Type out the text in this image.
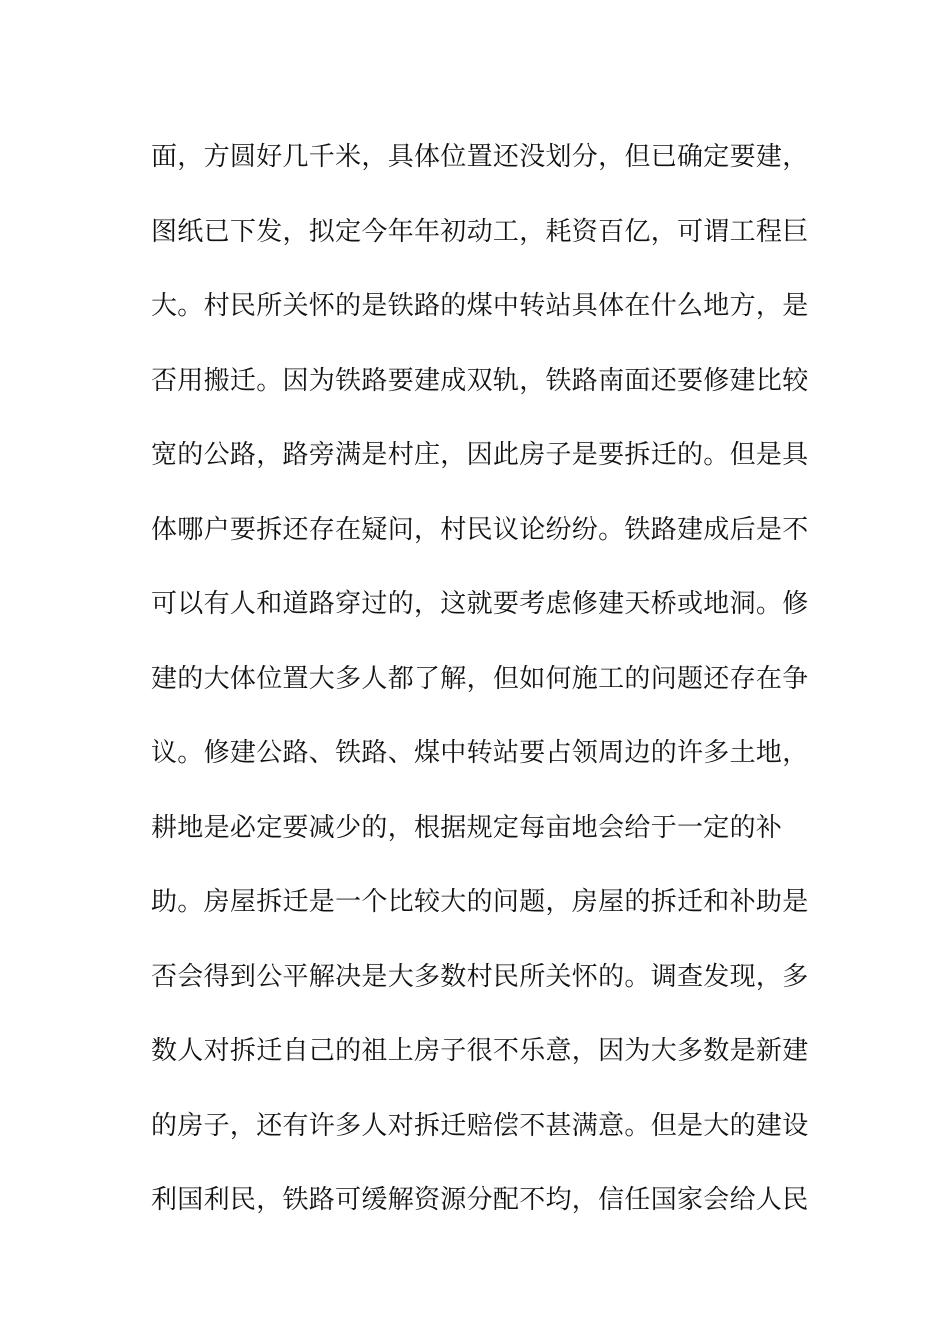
面，方圆好几千米，具体位置还没划分，但已确定要建，
图纸已下发，拟定今年年初动工，耗资百亿，可谓工程巨
大。村民所关怀的是铁路的煤中转站具体在什么地方，是
否用搬迁。因为铁路要建成双轨，铁路南面还要修建比较
宽的公路，路旁满是村庄，因此房子是要拆迁的。但是具
体哪户要拆还存在疑问，村民议论纷纷。铁路建成后是不
可以有人和道路穿过的，这就要考虑修建天桥或地洞。修
建的大体位置大多人都了解，但如何施工的问题还存在争
议。修建公路、铁路、煤中转站要占领周边的许多土地，
耕地是必定要减少的，根据规定每亩地会给于一定的补
助。房屋拆迁是一个比较大的问题，房屋的拆迁和补助是
否会得到公平解决是大多数村民所关怀的。调查发现，多
数人对拆迁自己的祖上房子很不乐意，因为大多数是新建
的房子，还有许多人对拆迁赔偿不甚满意。但是大的建设
利国利民，铁路可缓解资源分配不均，信任国家会给人民
